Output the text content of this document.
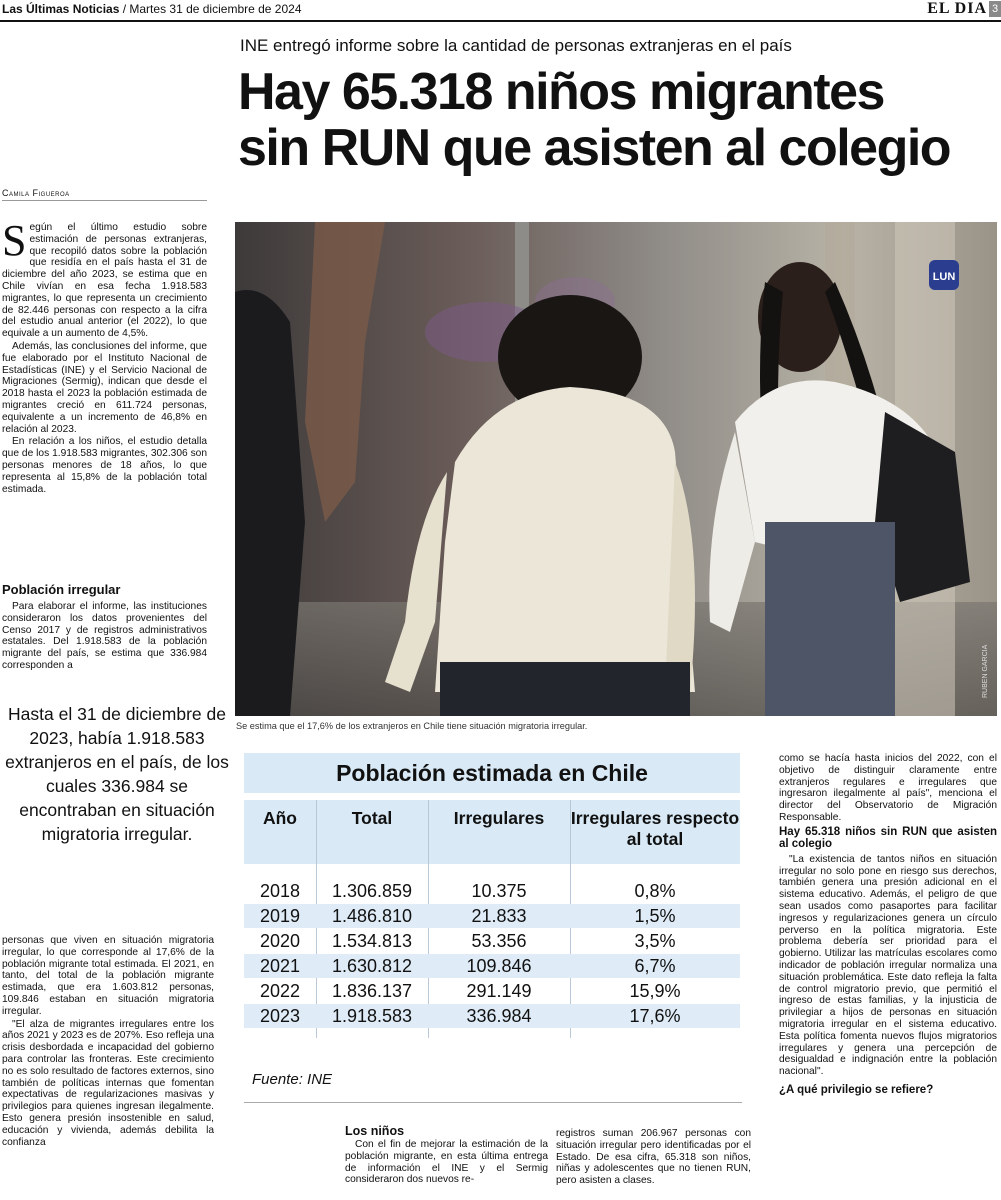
Las Últimas Noticias / Martes 31 de diciembre de 2024	EL DIA 3
INE entregó informe sobre la cantidad de personas extranjeras en el país
Hay 65.318 niños migrantes
sin RUN que asisten al colegio
Camila Figueroa

Según el último estudio sobre estimación de personas extranjeras, que recopiló datos sobre la población que residía en el país hasta el 31 de diciembre del año 2023, se estima que en Chile vivían en esa fecha 1.918.583 migrantes, lo que representa un crecimiento de 82.446 personas con respecto a la cifra del estudio anual anterior (el 2022), lo que equivale a un aumento de 4,5%.

Además, las conclusiones del informe, que fue elaborado por el Instituto Nacional de Estadísticas (INE) y el Servicio Nacional de Migraciones (Sermig), indican que desde el 2018 hasta el 2023 la población estimada de migrantes creció en 611.724 personas, equivalente a un incremento de 46,8% en relación al 2023.

En relación a los niños, el estudio detalla que de los 1.918.583 migrantes, 302.306 son personas menores de 18 años, lo que representa al 15,8% de la población total estimada.

Población irregular

Para elaborar el informe, las instituciones consideraron los datos provenientes del Censo 2017 y de registros administrativos estatales. Del 1.918.583 de la población migrante del país, se estima que 336.984 corresponden a

Hasta el 31 de diciembre de 2023, había 1.918.583 extranjeros en el país, de los cuales 336.984 se encontraban en situación migratoria irregular.

personas que viven en situación migratoria irregular, lo que corresponde al 17,6% de la población migrante total estimada. El 2021, en tanto, del total de la población migrante estimada, que era 1.603.812 personas, 109.846 estaban en situación migratoria irregular.

"El alza de migrantes irregulares entre los años 2021 y 2023 es de 207%. Eso refleja una crisis desbordada e incapacidad del gobierno para controlar las fronteras. Este crecimiento no es solo resultado de factores externos, sino también de políticas internas que fomentan expectativas de regularizaciones masivas y privilegios para quienes ingresan ilegalmente. Esto genera presión insostenible en salud, educación y vivienda, además debilita la confianza

LUN
RUBEN GARCIA
Se estima que el 17,6% de los extranjeros en Chile tiene situación migratoria irregular.
Población estimada en Chile
Año	Total	Irregulares	Irregulares respecto al total
2018	1.306.859	10.375	0,8%
2019	1.486.810	21.833	1,5%
2020	1.534.813	53.356	3,5%
2021	1.630.812	109.846	6,7%
2022	1.836.137	291.149	15,9%
2023	1.918.583	336.984	17,6%
Fuente: INE
Los niños

Con el fin de mejorar la estimación de la población migrante, en esta última entrega de información el INE y el Sermig consideraron dos nuevos re-

registros suman 206.967 personas con situación irregular pero identificadas por el Estado. De esa cifra, 65.318 son niños, niñas y adolescentes que no tienen RUN, pero asisten a clases.

como se hacía hasta inicios del 2022, con el objetivo de distinguir claramente entre extranjeros regulares e irregulares que ingresaron ilegalmente al país", menciona el director del Observatorio de Migración Responsable.

Hay 65.318 niños sin RUN que asisten al colegio

"La existencia de tantos niños en situación irregular no solo pone en riesgo sus derechos, también genera una presión adicional en el sistema educativo. Además, el peligro de que sean usados como pasaportes para facilitar ingresos y regularizaciones genera un círculo perverso en la política migratoria. Este problema debería ser prioridad para el gobierno. Utilizar las matrículas escolares como indicador de población irregular normaliza una situación problemática. Este dato refleja la falta de control migratorio previo, que permitió el ingreso de estas familias, y la injusticia de privilegiar a hijos de personas en situación migratoria irregular en el sistema educativo. Esta política fomenta nuevos flujos migratorios irregulares y genera una percepción de desigualdad e indignación entre la población nacional".

¿A qué privilegio se refiere?
